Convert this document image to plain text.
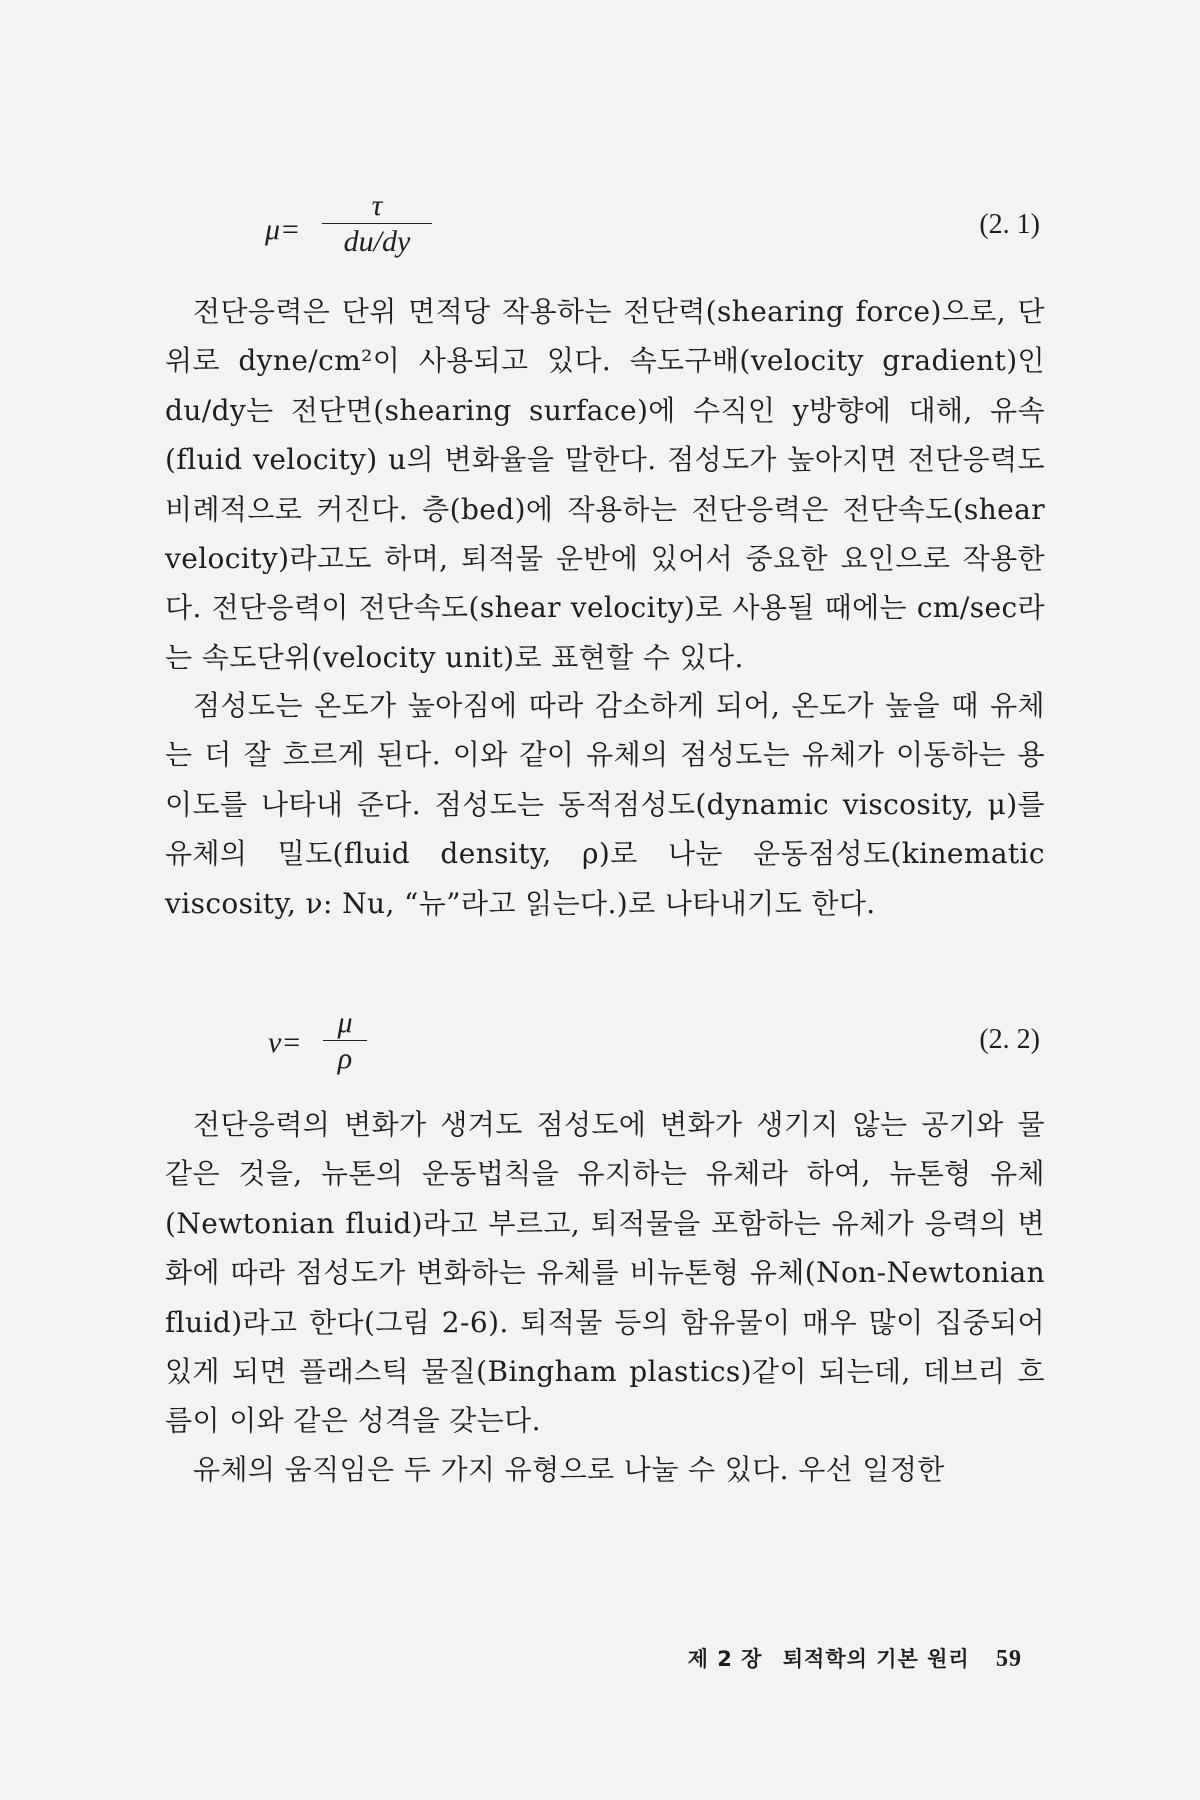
μ=
τ
du/dy
(2. 1)
전단응력은 단위 면적당 작용하는 전단력(shearing force)으로, 단위로 dyne/cm²이 사용되고 있다. 속도구배(velocity gradient)인 du/dy는 전단면(shearing surface)에 수직인 y방향에 대해, 유속(fluid velocity) u의 변화율을 말한다. 점성도가 높아지면 전단응력도 비례적으로 커진다. 층(bed)에 작용하는 전단응력은 전단속도(shear velocity)라고도 하며, 퇴적물 운반에 있어서 중요한 요인으로 작용한다. 전단응력이 전단속도(shear velocity)로 사용될 때에는 cm/sec라는 속도단위(velocity unit)로 표현할 수 있다.
점성도는 온도가 높아짐에 따라 감소하게 되어, 온도가 높을 때 유체는 더 잘 흐르게 된다. 이와 같이 유체의 점성도는 유체가 이동하는 용이도를 나타내 준다. 점성도는 동적점성도(dynamic viscosity, μ)를 유체의 밀도(fluid density, ρ)로 나눈 운동점성도(kinematic viscosity, ν: Nu, “뉴”라고 읽는다.)로 나타내기도 한다.
ν=
μ
ρ
(2. 2)
전단응력의 변화가 생겨도 점성도에 변화가 생기지 않는 공기와 물 같은 것을, 뉴톤의 운동법칙을 유지하는 유체라 하여, 뉴톤형 유체(Newtonian fluid)라고 부르고, 퇴적물을 포함하는 유체가 응력의 변화에 따라 점성도가 변화하는 유체를 비뉴톤형 유체(Non-Newtonian fluid)라고 한다(그림 2-6). 퇴적물 등의 함유물이 매우 많이 집중되어 있게 되면 플래스틱 물질(Bingham plastics)같이 되는데, 데브리 흐름이 이와 같은 성격을 갖는다.
유체의 움직임은 두 가지 유형으로 나눌 수 있다. 우선 일정한
제 2 장 퇴적학의 기본 원리 59
